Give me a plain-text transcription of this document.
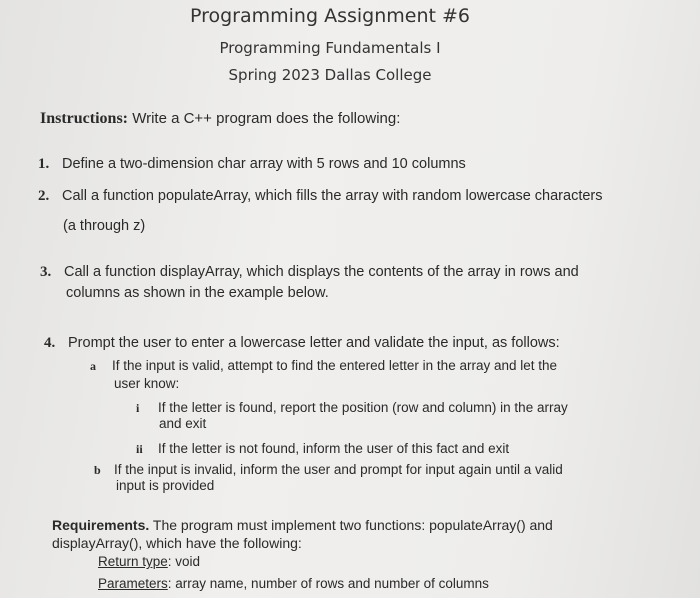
Programming Assignment #6
Programming Fundamentals I
Spring 2023 Dallas College
Instructions: Write a C++ program does the following:
1. Define a two-dimension char array with 5 rows and 10 columns
2. Call a function populateArray, which fills the array with random lowercase characters
(a through z)
3. Call a function displayArray, which displays the contents of the array in rows and
columns as shown in the example below.
4. Prompt the user to enter a lowercase letter and validate the input, as follows:
a If the input is valid, attempt to find the entered letter in the array and let the
user know:
i If the letter is found, report the position (row and column) in the array
and exit
ii If the letter is not found, inform the user of this fact and exit
b If the input is invalid, inform the user and prompt for input again until a valid
input is provided
Requirements. The program must implement two functions: populateArray() and
displayArray(), which have the following:
Return type: void
Parameters: array name, number of rows and number of columns
